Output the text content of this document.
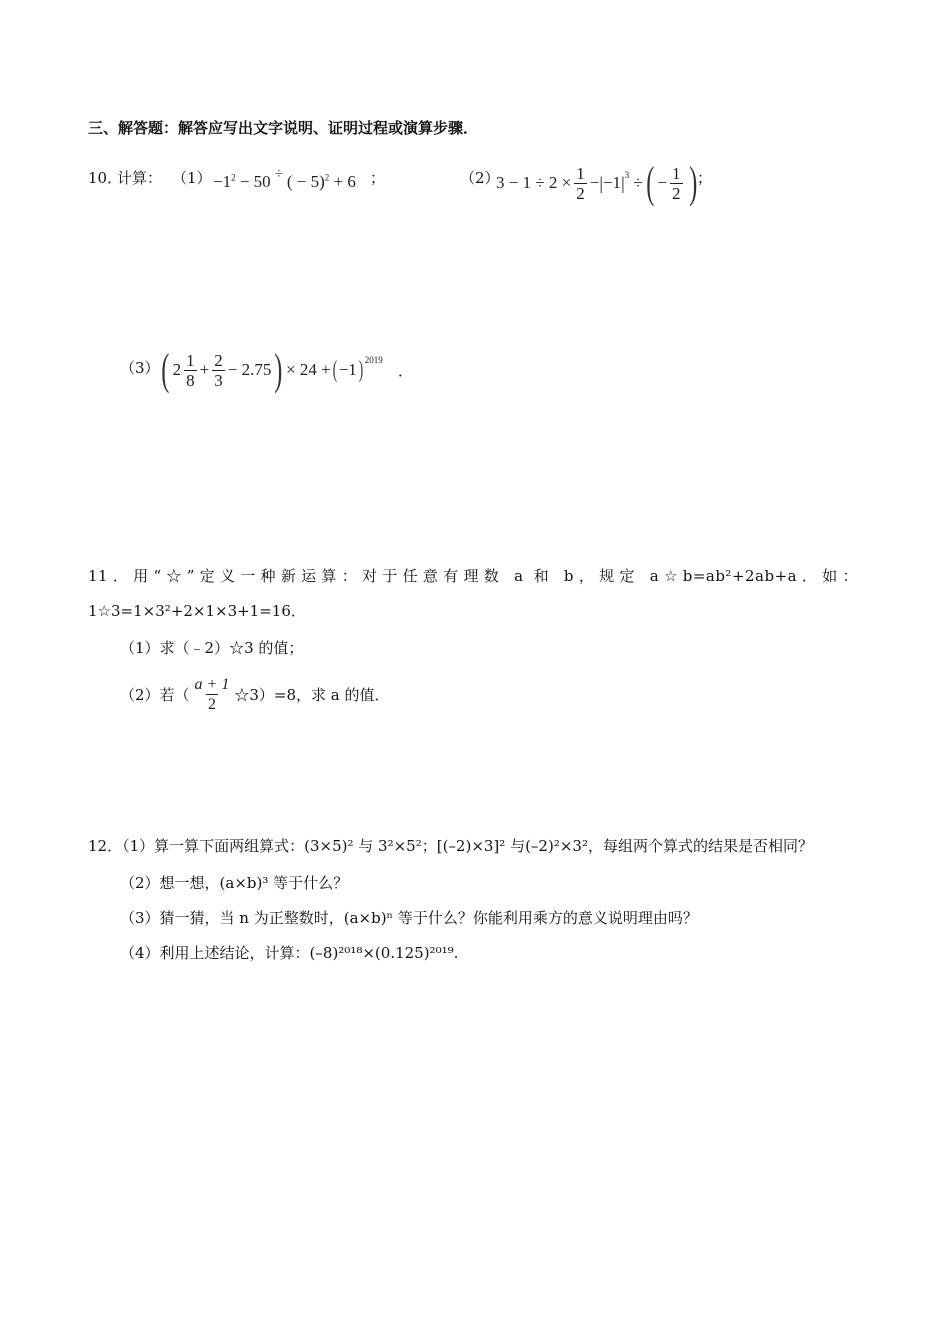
三、解答题：解答应写出文字说明、证明过程或演算步骤．
10．
计算： $(1) -1^2 - 50$ ÷ ( − 5)$^2$ + 6 ；	（2）
$3 - 1 \div 2 \times \frac{1}{2}$ − | −1 $|^3$ ÷ ( − $\frac{1}{2}$ ) ；
（3） ( $2 \frac{1}{8} + \frac{2}{3} - 2.75$ ) × 24 + ( −1 )$^{2019}$
．
11．用“☆”定义一种新运算：对于任意有理数 a 和 b，规定 a☆b=ab²+2ab+a．如：
1☆3=1×3²+2×1×3+1=16．
（1）求（﹣2）☆3 的值；
（2）若（ $\frac{a + 1}{2}$ ☆3）=8，求 a 的值．
12．（1）算一算下面两组算式：(3×5)² 与 3²×5²；[(–2)×3]² 与(–2)²×3²，每组两个算式的结果是否相同？
（2）想一想，(a×b)³ 等于什么？
（3）猜一猜，当 n 为正整数时，(a×b)ⁿ 等于什么？你能利用乘方的意义说明理由吗？
（4）利用上述结论，计算：(–8)²⁰¹⁸×(0.125)²⁰¹⁹.
